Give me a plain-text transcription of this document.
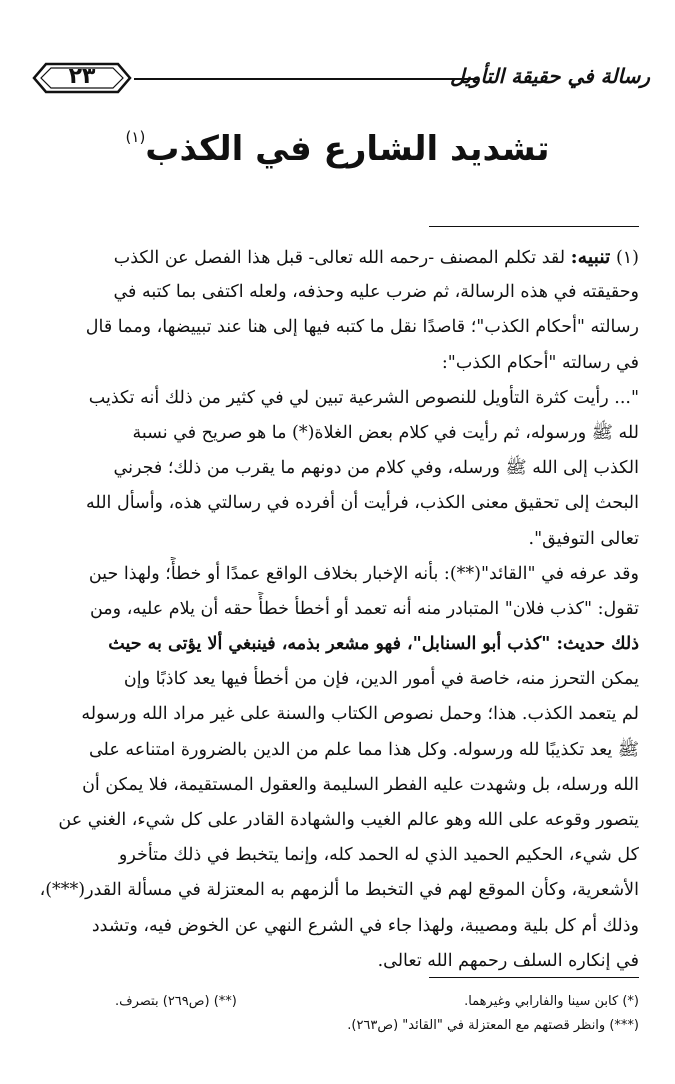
رسالة في حقيقة التأويل
٢٣
تشديد الشارع في الكذب$^{(١)}$
(١) تنبيه: لقد تكلم المصنف -رحمه الله تعالى- قبل هذا الفصل عن الكذب
وحقيقته في هذه الرسالة، ثم ضرب عليه وحذفه، ولعله اكتفى بما كتبه في
رسالته "أحكام الكذب"؛ قاصدًا نقل ما كتبه فيها إلى هنا عند تبييضها، ومما قال
في رسالته "أحكام الكذب":
"... رأيت كثرة التأويل للنصوص الشرعية تبين لي في كثير من ذلك أنه تكذيب
لله ﷺ ورسوله، ثم رأيت في كلام بعض الغلاة(*) ما هو صريح في نسبة
الكذب إلى الله ﷺ ورسله، وفي كلام من دونهم ما يقرب من ذلك؛ فجرني
البحث إلى تحقيق معنى الكذب، فرأيت أن أفرده في رسالتي هذه، وأسأل الله
تعالى التوفيق".
وقد عرفه في "القائد"(**): بأنه الإخبار بخلاف الواقع عمدًا أو خطأً؛ ولهذا حين
تقول: "كذب فلان" المتبادر منه أنه تعمد أو أخطأ خطأً حقه أن يلام عليه، ومن
ذلك حديث: "كذب أبو السنابل"، فهو مشعر بذمه، فينبغي ألا يؤتى به حيث
يمكن التحرز منه، خاصة في أمور الدين، فإن من أخطأ فيها يعد كاذبًا وإن
لم يتعمد الكذب. هذا؛ وحمل نصوص الكتاب والسنة على غير مراد الله ورسوله
ﷺ يعد تكذيبًا لله ورسوله. وكل هذا مما علم من الدين بالضرورة امتناعه على
الله ورسله، بل وشهدت عليه الفطر السليمة والعقول المستقيمة، فلا يمكن أن
يتصور وقوعه على الله وهو عالم الغيب والشهادة القادر على كل شيء، الغني عن
كل شيء، الحكيم الحميد الذي له الحمد كله، وإنما يتخبط في ذلك متأخرو
الأشعرية، وكأن الموقع لهم في التخبط ما ألزمهم به المعتزلة في مسألة القدر(***)،
وذلك أم كل بلية ومصيبة، ولهذا جاء في الشرع النهي عن الخوض فيه، وتشدد
في إنكاره السلف رحمهم الله تعالى.
(*) كابن سينا والفارابي وغيرهما.
(**) (ص٢٦٩) بتصرف.
(***) وانظر قصتهم مع المعتزلة في "القائد" (ص٢٦٣).
